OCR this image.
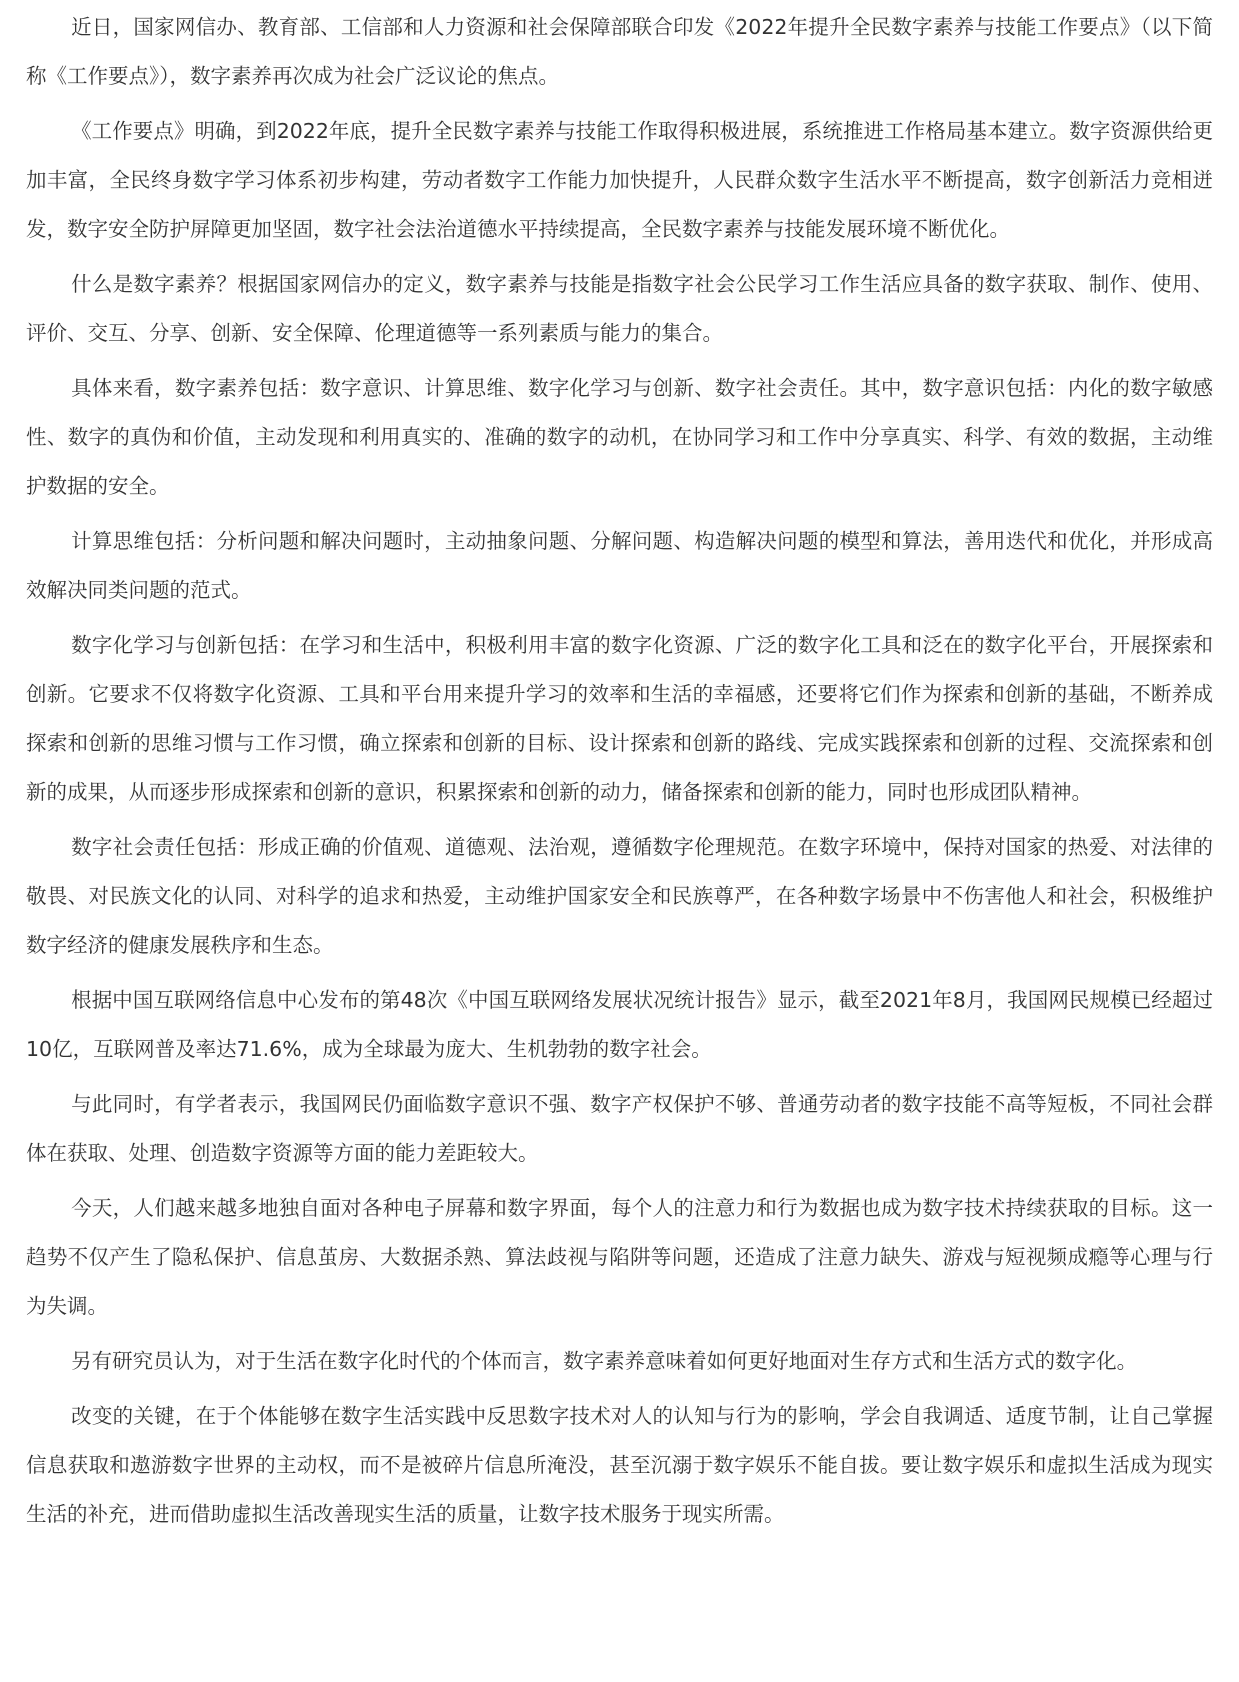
近日，国家网信办、教育部、工信部和人力资源和社会保障部联合印发《2022年提升全民数字素养与技能工作要点》（以下简称《工作要点》），数字素养再次成为社会广泛议论的焦点。

《工作要点》明确，到2022年底，提升全民数字素养与技能工作取得积极进展，系统推进工作格局基本建立。数字资源供给更加丰富，全民终身数字学习体系初步构建，劳动者数字工作能力加快提升，人民群众数字生活水平不断提高，数字创新活力竞相迸发，数字安全防护屏障更加坚固，数字社会法治道德水平持续提高，全民数字素养与技能发展环境不断优化。

什么是数字素养？根据国家网信办的定义，数字素养与技能是指数字社会公民学习工作生活应具备的数字获取、制作、使用、评价、交互、分享、创新、安全保障、伦理道德等一系列素质与能力的集合。

具体来看，数字素养包括：数字意识、计算思维、数字化学习与创新、数字社会责任。其中，数字意识包括：内化的数字敏感性、数字的真伪和价值，主动发现和利用真实的、准确的数字的动机，在协同学习和工作中分享真实、科学、有效的数据，主动维护数据的安全。

计算思维包括：分析问题和解决问题时，主动抽象问题、分解问题、构造解决问题的模型和算法，善用迭代和优化，并形成高效解决同类问题的范式。

数字化学习与创新包括：在学习和生活中，积极利用丰富的数字化资源、广泛的数字化工具和泛在的数字化平台，开展探索和创新。它要求不仅将数字化资源、工具和平台用来提升学习的效率和生活的幸福感，还要将它们作为探索和创新的基础，不断养成探索和创新的思维习惯与工作习惯，确立探索和创新的目标、设计探索和创新的路线、完成实践探索和创新的过程、交流探索和创新的成果，从而逐步形成探索和创新的意识，积累探索和创新的动力，储备探索和创新的能力，同时也形成团队精神。

数字社会责任包括：形成正确的价值观、道德观、法治观，遵循数字伦理规范。在数字环境中，保持对国家的热爱、对法律的敬畏、对民族文化的认同、对科学的追求和热爱，主动维护国家安全和民族尊严，在各种数字场景中不伤害他人和社会，积极维护数字经济的健康发展秩序和生态。

根据中国互联网络信息中心发布的第48次《中国互联网络发展状况统计报告》显示，截至2021年8月，我国网民规模已经超过10亿，互联网普及率达71.6%，成为全球最为庞大、生机勃勃的数字社会。

与此同时，有学者表示，我国网民仍面临数字意识不强、数字产权保护不够、普通劳动者的数字技能不高等短板，不同社会群体在获取、处理、创造数字资源等方面的能力差距较大。

今天，人们越来越多地独自面对各种电子屏幕和数字界面，每个人的注意力和行为数据也成为数字技术持续获取的目标。这一趋势不仅产生了隐私保护、信息茧房、大数据杀熟、算法歧视与陷阱等问题，还造成了注意力缺失、游戏与短视频成瘾等心理与行为失调。

另有研究员认为，对于生活在数字化时代的个体而言，数字素养意味着如何更好地面对生存方式和生活方式的数字化。

改变的关键，在于个体能够在数字生活实践中反思数字技术对人的认知与行为的影响，学会自我调适、适度节制，让自己掌握信息获取和遨游数字世界的主动权，而不是被碎片信息所淹没，甚至沉溺于数字娱乐不能自拔。要让数字娱乐和虚拟生活成为现实生活的补充，进而借助虚拟生活改善现实生活的质量，让数字技术服务于现实所需。
